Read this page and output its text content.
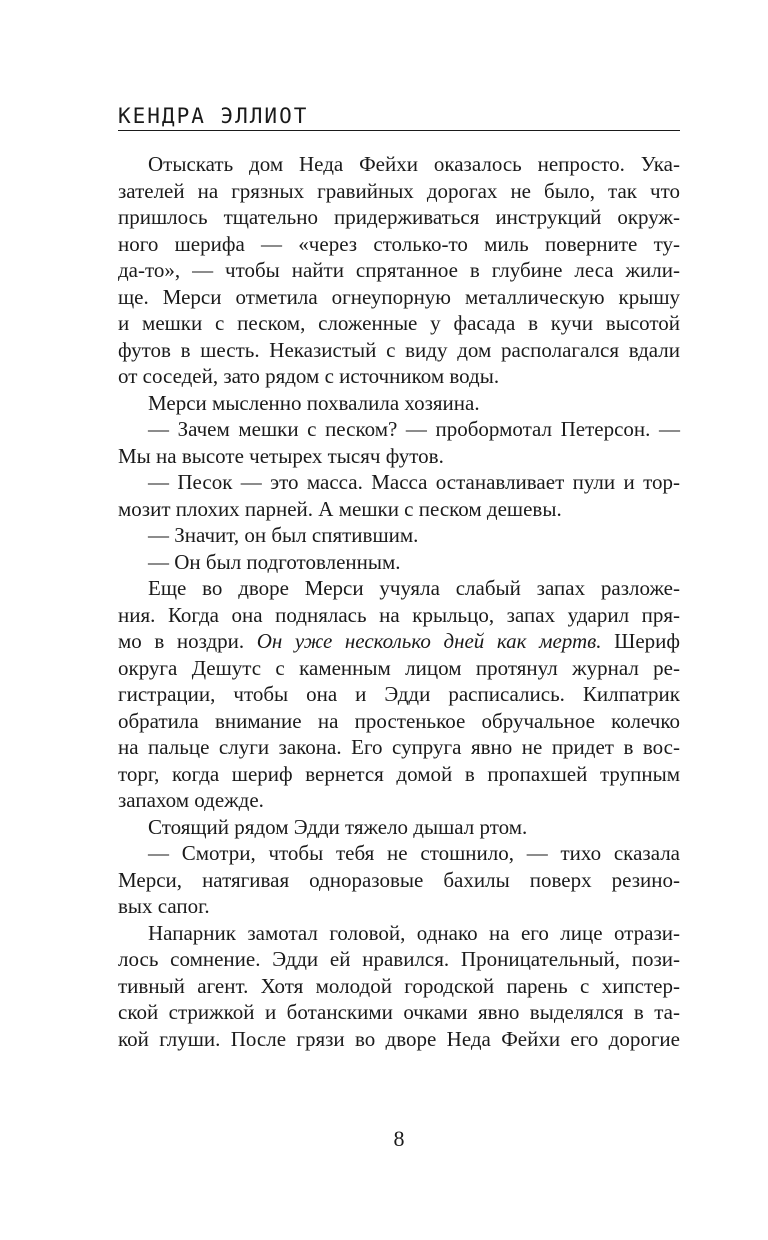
КЕНДРА ЭЛЛИОТ
Отыскать дом Неда Фейхи оказалось непросто. Ука-
зателей на грязных гравийных дорогах не было, так что
пришлось тщательно придерживаться инструкций окруж-
ного шерифа — «через столько-то миль поверните ту-
да-то», — чтобы найти спрятанное в глубине леса жили-
ще. Мерси отметила огнеупорную металлическую крышу
и мешки с песком, сложенные у фасада в кучи высотой
футов в шесть. Неказистый с виду дом располагался вдали
от соседей, зато рядом с источником воды.
Мерси мысленно похвалила хозяина.
— Зачем мешки с песком? — пробормотал Петерсон. —
Мы на высоте четырех тысяч футов.
— Песок — это масса. Масса останавливает пули и тор-
мозит плохих парней. А мешки с песком дешевы.
— Значит, он был спятившим.
— Он был подготовленным.
Еще во дворе Мерси учуяла слабый запах разложе-
ния. Когда она поднялась на крыльцо, запах ударил пря-
мо в ноздри. Он уже несколько дней как мертв. Шериф
округа Дешутс с каменным лицом протянул журнал ре-
гистрации, чтобы она и Эдди расписались. Килпатрик
обратила внимание на простенькое обручальное колечко
на пальце слуги закона. Его супруга явно не придет в вос-
торг, когда шериф вернется домой в пропахшей трупным
запахом одежде.
Стоящий рядом Эдди тяжело дышал ртом.
— Смотри, чтобы тебя не стошнило, — тихо сказала
Мерси, натягивая одноразовые бахилы поверх резино-
вых сапог.
Напарник замотал головой, однако на его лице отрази-
лось сомнение. Эдди ей нравился. Проницательный, пози-
тивный агент. Хотя молодой городской парень с хипстер-
ской стрижкой и ботанскими очками явно выделялся в та-
кой глуши. После грязи во дворе Неда Фейхи его дорогие
8
